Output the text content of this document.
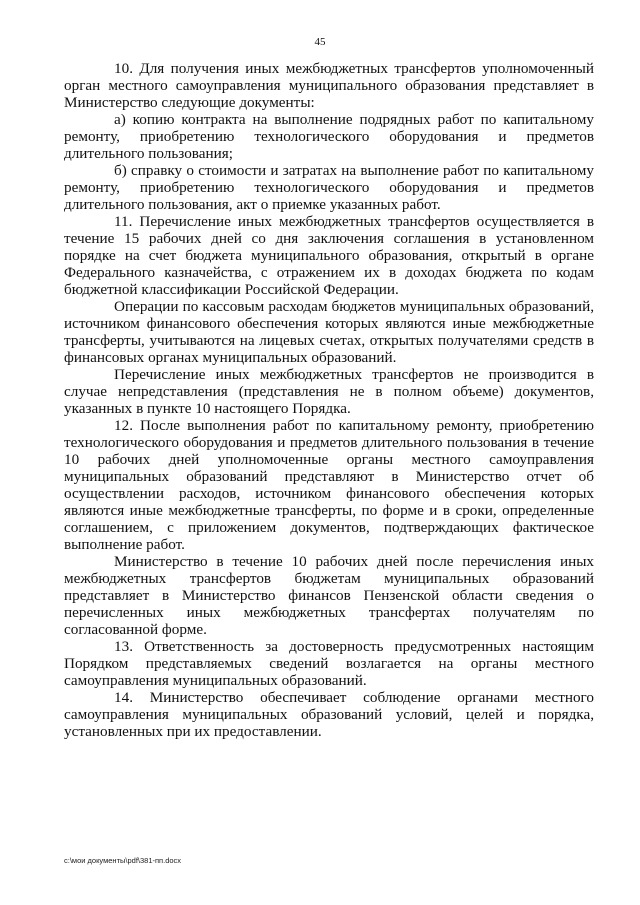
45

10. Для получения иных межбюджетных трансфертов уполномоченный орган местного самоуправления муниципального образования представляет в Министерство следующие документы:

а) копию контракта на выполнение подрядных работ по капитальному ремонту, приобретению технологического оборудования и предметов длительного пользования;

б) справку о стоимости и затратах на выполнение работ по капитальному ремонту, приобретению технологического оборудования и предметов длительного пользования, акт о приемке указанных работ.

11. Перечисление иных межбюджетных трансфертов осуществляется в течение 15 рабочих дней со дня заключения соглашения в установленном порядке на счет бюджета муниципального образования, открытый в органе Федерального казначейства, с отражением их в доходах бюджета по кодам бюджетной классификации Российской Федерации.

Операции по кассовым расходам бюджетов муниципальных образований, источником финансового обеспечения которых являются иные межбюджетные трансферты, учитываются на лицевых счетах, открытых получателями средств в финансовых органах муниципальных образований.

Перечисление иных межбюджетных трансфертов не производится в случае непредставления (представления не в полном объеме) документов, указанных в пункте 10 настоящего Порядка.

12. После выполнения работ по капитальному ремонту, приобретению технологического оборудования и предметов длительного пользования в течение 10 рабочих дней уполномоченные органы местного самоуправления муниципальных образований представляют в Министерство отчет об осуществлении расходов, источником финансового обеспечения которых являются иные межбюджетные трансферты, по форме и в сроки, определенные соглашением, с приложением документов, подтверждающих фактическое выполнение работ.

Министерство в течение 10 рабочих дней после перечисления иных межбюджетных трансфертов бюджетам муниципальных образований представляет в Министерство финансов Пензенской области сведения о перечисленных иных межбюджетных трансфертах получателям по согласованной форме.

13. Ответственность за достоверность предусмотренных настоящим Порядком представляемых сведений возлагается на органы местного самоуправления муниципальных образований.

14. Министерство обеспечивает соблюдение органами местного самоуправления муниципальных образований условий, целей и порядка, установленных при их предоставлении.

c:\мои документы\pdf\381-пп.docx
